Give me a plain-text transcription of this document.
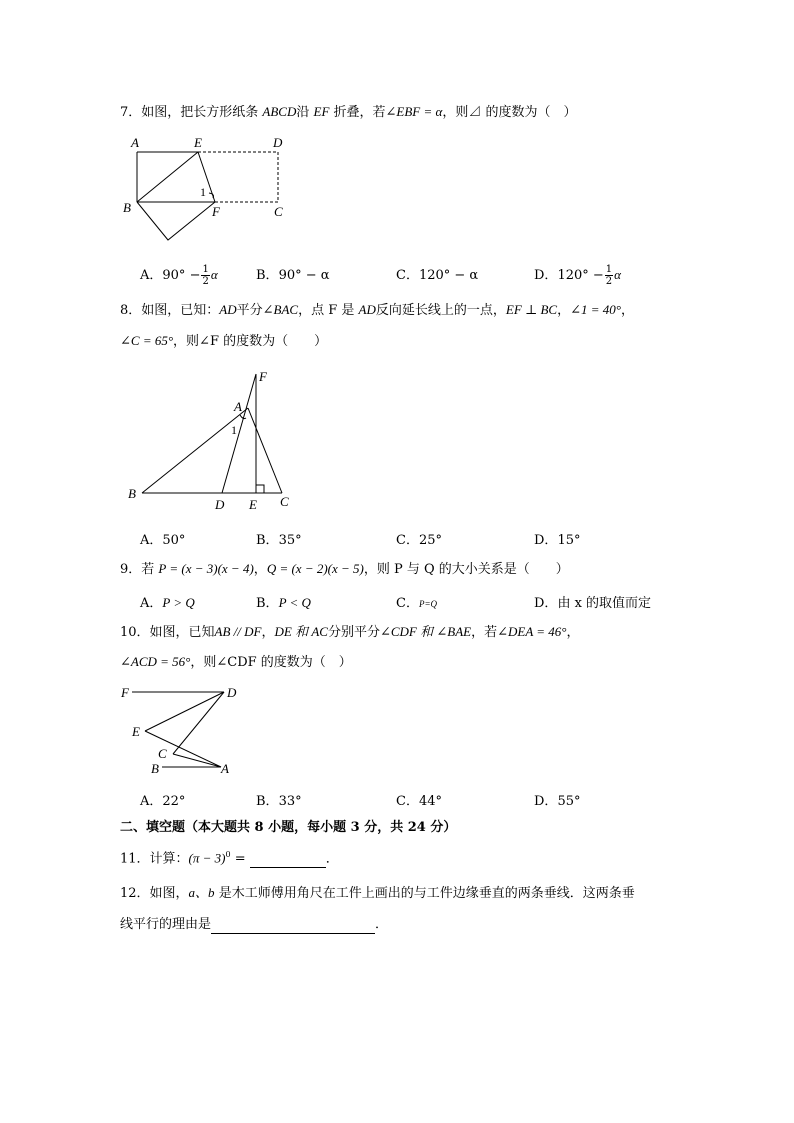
7．如图，把长方形纸条 ABCD沿 EF 折叠，若∠EBF = α，则⊿ 的度数为（　）
A	E	D
B	F	C
1
A．$90^\circ - \frac{1}{2}$ α	B．90° − α	C．120° − α	D．$120^\circ - \frac{1}{2}$ α
8．如图，已知：AD平分∠BAC，点 F 是 AD反向延长线上的一点，EF ⊥ BC，∠1 = 40°，
∠C = 65°，则∠F 的度数为（　　）
F
A
1
B
D E C
A．50°	B．35°	C．25°	D．15°
9．若 P = (x − 3)(x − 4)，Q = (x − 2)(x − 5)，则 P 与 Q 的大小关系是（　　）
A．P > Q	B．P < Q	C．P=Q	D．由 x 的取值而定
10．如图，已知AB // DF，DE 和 AC分别平分∠CDF 和 ∠BAE，若∠DEA = 46°，
∠ACD = 56°，则∠CDF 的度数为（　）
F	D
E
C
B	A
A．22°	B．33°	C．44°	D．55°
二、填空题（本大题共 8 小题，每小题 3 分，共 24 分）
11．计算：$(\pi - 3)^0$ =	．
12．如图，a、b 是木工师傅用角尺在工件上画出的与工件边缘垂直的两条垂线．这两条垂
线平行的理由是	．
